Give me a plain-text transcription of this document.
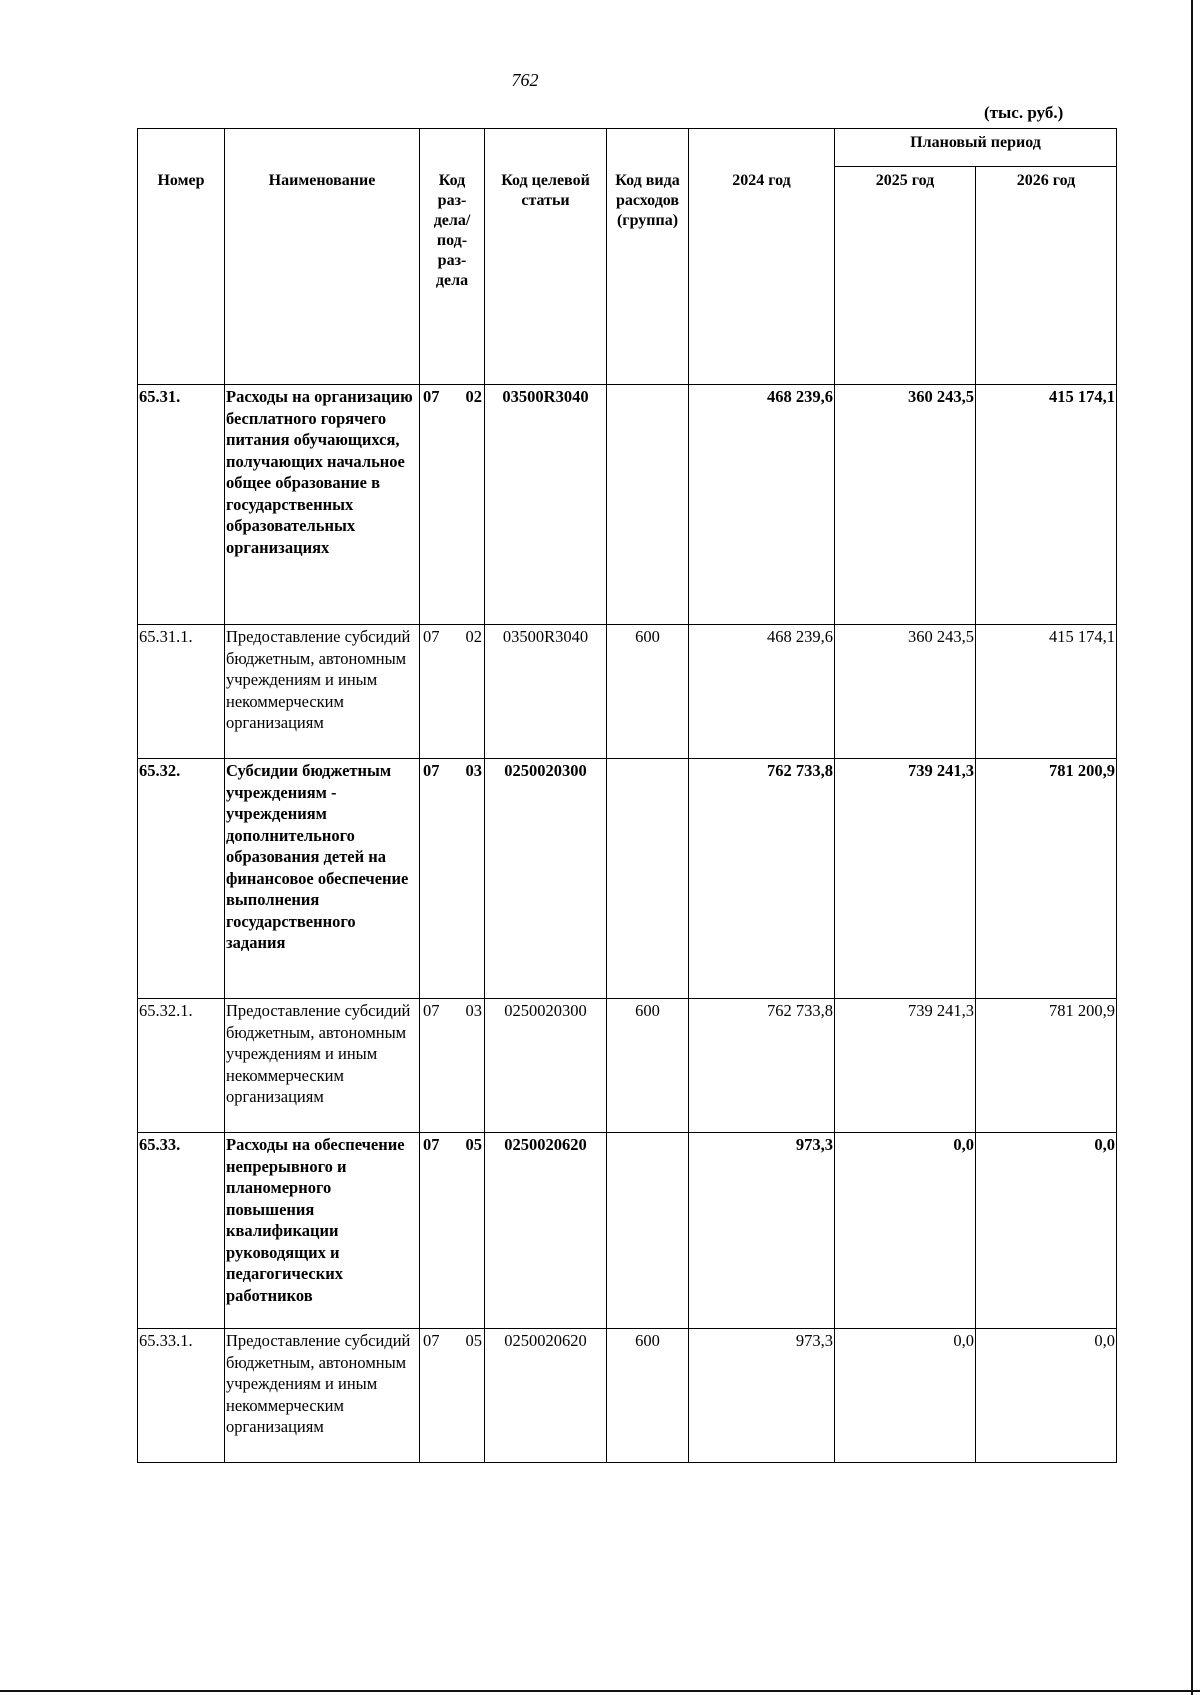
762
(тыс. руб.)
Номер	Наименование	Код раз-дела/ под-раз-дела	Код целевой статьи	Код вида расходов (группа)	2024 год	Плановый период	
						2025 год	2026 год
65.31.	Расходы на организацию бесплатного горячего питания обучающихся, получающих начальное общее образование в государственных образовательных организациях	07 02	03500R3040		468 239,6	360 243,5	415 174,1
65.31.1.	Предоставление субсидий бюджетным, автономным учреждениям и иным некоммерческим организациям	07 02	03500R3040	600	468 239,6	360 243,5	415 174,1
65.32.	Субсидии бюджетным учреждениям - учреждениям дополнительного образования детей на финансовое обеспечение выполнения государственного задания	07 03	0250020300		762 733,8	739 241,3	781 200,9
65.32.1.	Предоставление субсидий бюджетным, автономным учреждениям и иным некоммерческим организациям	07 03	0250020300	600	762 733,8	739 241,3	781 200,9
65.33.	Расходы на обеспечение непрерывного и планомерного повышения квалификации руководящих и педагогических работников	07 05	0250020620		973,3	0,0	0,0
65.33.1.	Предоставление субсидий бюджетным, автономным учреждениям и иным некоммерческим организациям	07 05	0250020620	600	973,3	0,0	0,0
